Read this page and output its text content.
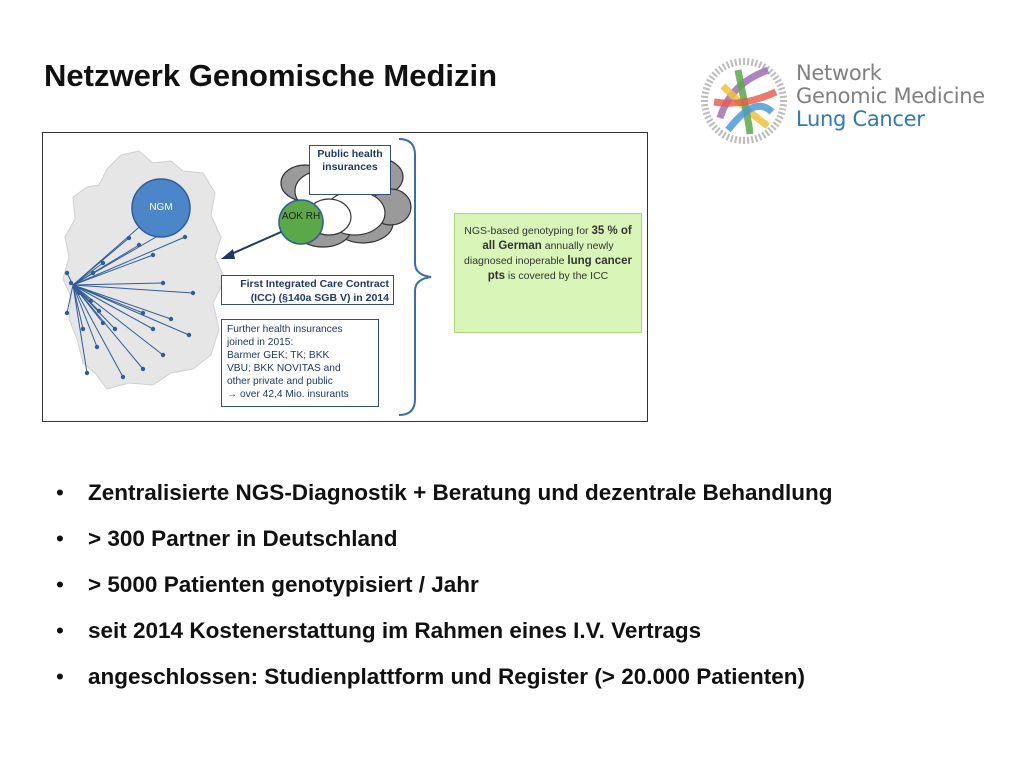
Netzwerk Genomische Medizin	Network
Genomic Medicine
Lung Cancer
NGM
AOK RH
Public health insurances
First Integrated Care Contract (ICC) (§140a SGB V) in 2014
Further health insurances
joined in 2015:
Barmer GEK; TK; BKK
VBU; BKK NOVITAS and
other private and public
→ over 42,4 Mio. insurants
NGS-based genotyping for 35 % of all German annually newly diagnosed inoperable lung cancer pts is covered by the ICC
• Zentralisierte NGS-Diagnostik + Beratung und dezentrale Behandlung
• > 300 Partner in Deutschland
• > 5000 Patienten genotypisiert / Jahr
• seit 2014 Kostenerstattung im Rahmen eines I.V. Vertrags
• angeschlossen: Studienplattform und Register (> 20.000 Patienten)
